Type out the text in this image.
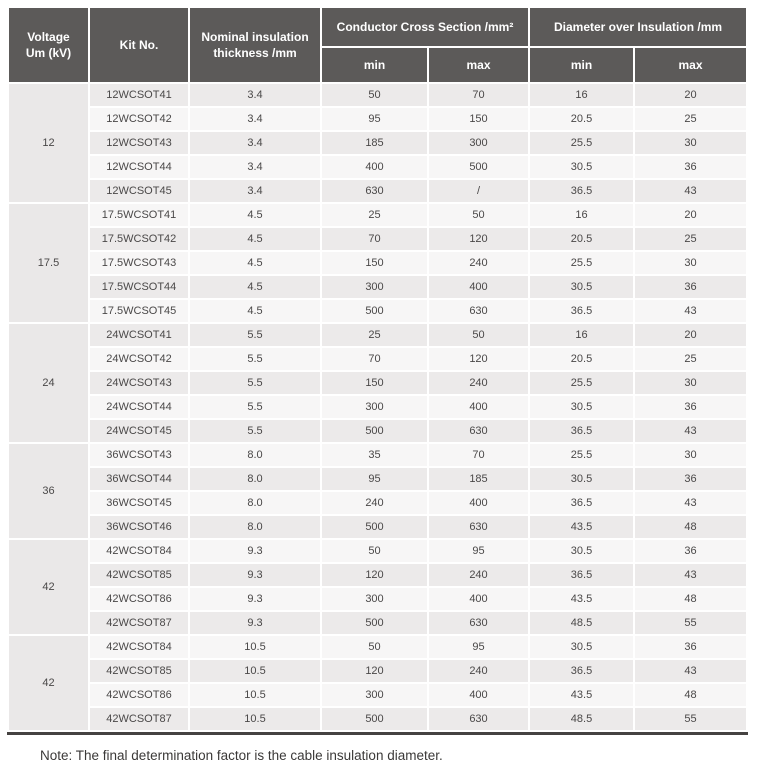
Voltage
Um (kV)	Kit No.	Nominal insulation
thickness /mm	Conductor Cross Section /mm²		Diameter over Insulation /mm	
			min	max	min	max
12	12WCSOT41	3.4	50	70	16	20
	12WCSOT42	3.4	95	150	20.5	25
	12WCSOT43	3.4	185	300	25.5	30
	12WCSOT44	3.4	400	500	30.5	36
	12WCSOT45	3.4	630	/	36.5	43
17.5	17.5WCSOT41	4.5	25	50	16	20
	17.5WCSOT42	4.5	70	120	20.5	25
	17.5WCSOT43	4.5	150	240	25.5	30
	17.5WCSOT44	4.5	300	400	30.5	36
	17.5WCSOT45	4.5	500	630	36.5	43
24	24WCSOT41	5.5	25	50	16	20
	24WCSOT42	5.5	70	120	20.5	25
	24WCSOT43	5.5	150	240	25.5	30
	24WCSOT44	5.5	300	400	30.5	36
	24WCSOT45	5.5	500	630	36.5	43
36	36WCSOT43	8.0	35	70	25.5	30
	36WCSOT44	8.0	95	185	30.5	36
	36WCSOT45	8.0	240	400	36.5	43
	36WCSOT46	8.0	500	630	43.5	48
42	42WCSOT84	9.3	50	95	30.5	36
	42WCSOT85	9.3	120	240	36.5	43
	42WCSOT86	9.3	300	400	43.5	48
	42WCSOT87	9.3	500	630	48.5	55
42	42WCSOT84	10.5	50	95	30.5	36
	42WCSOT85	10.5	120	240	36.5	43
	42WCSOT86	10.5	300	400	43.5	48
	42WCSOT87	10.5	500	630	48.5	55
Note: The final determination factor is the cable insulation diameter.
